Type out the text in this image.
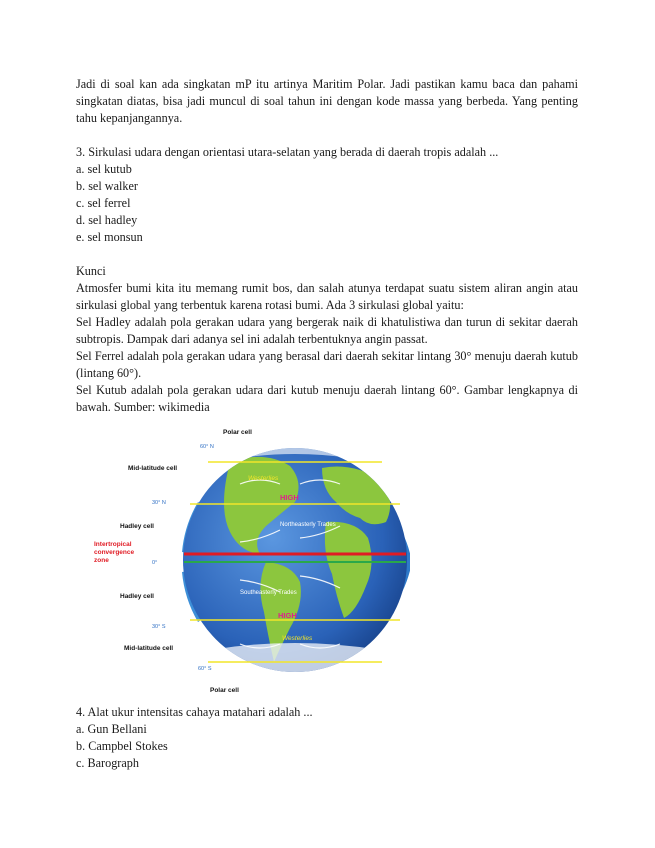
Jadi di soal kan ada singkatan mP itu artinya Maritim Polar. Jadi pastikan kamu baca dan pahami singkatan diatas, bisa jadi muncul di soal tahun ini dengan kode massa yang berbeda. Yang penting tahu kepanjangannya.

3. Sirkulasi udara dengan orientasi utara-selatan yang berada di daerah tropis adalah ...

a. sel kutub

b. sel walker

c. sel ferrel

d. sel hadley

e. sel monsun

Kunci

Atmosfer bumi kita itu memang rumit bos, dan salah atunya terdapat suatu sistem aliran angin atau sirkulasi global yang terbentuk karena rotasi bumi. Ada 3 sirkulasi global yaitu:

Sel Hadley adalah pola gerakan udara yang bergerak naik di khatulistiwa dan turun di sekitar daerah subtropis. Dampak dari adanya sel ini adalah terbentuknya angin passat.

Sel Ferrel adalah pola gerakan udara yang berasal dari daerah sekitar lintang 30° menuju daerah kutub (lintang 60°).

Sel Kutub adalah pola gerakan udara dari kutub menuju daerah lintang 60°. Gambar lengkapnya di bawah. Sumber: wikimedia

Westerlies
HIGH
Northeasterly Trades
Southeasterly Trades
HIGH
Westerlies
60° N
30° N
0°
30° S
60° S
Polar cell
Mid-latitude cell
Hadley cell
Intertropical
convergence
zone
Hadley cell
Mid-latitude cell
Polar cell

4. Alat ukur intensitas cahaya matahari adalah ...

a. Gun Bellani

b. Campbel Stokes

c. Barograph
